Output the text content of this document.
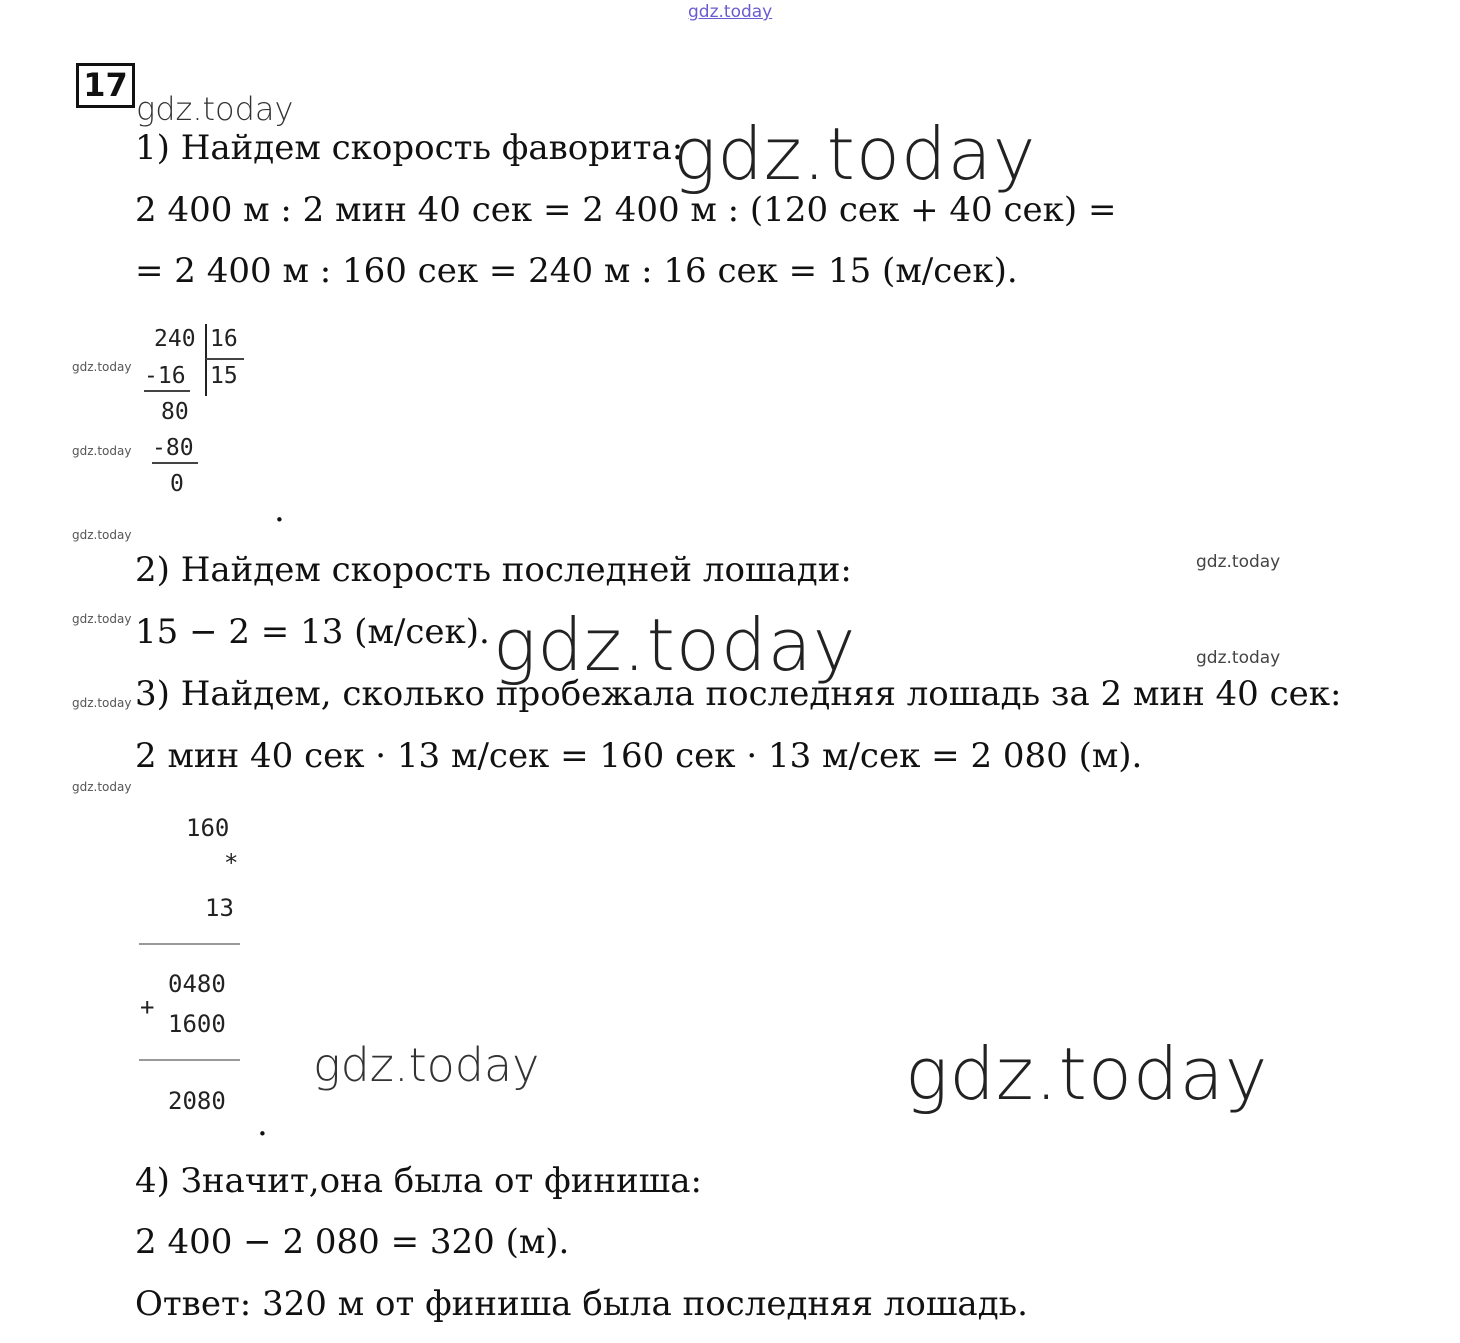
gdz.today
17
gdz.today
1) Найдем скорость фаворита:
gdz.today
2 400 м : 2 мин 40 сек = 2 400 м : (120 сек + 40 сек) =
= 2 400 м : 160 сек = 240 м : 16 сек = 15 (м/сек).
240 16
-16 15
80
-80
0
.
gdz.today
gdz.today
gdz.today
gdz.today
gdz.today
gdz.today
2) Найдем скорость последней лошади:	gdz.today
15 − 2 = 13 (м/сек). gdz.today	gdz.today
3) Найдем, сколько пробежала последняя лошадь за 2 мин 40 сек:
2 мин 40 сек · 13 м/сек = 160 сек · 13 м/сек = 2 080 (м).
160
*
13
0480
+
1600
2080
.
gdz.today	gdz.today
4) Значит,она была от финиша:
2 400 − 2 080 = 320 (м).
Ответ: 320 м от финиша была последняя лошадь.
